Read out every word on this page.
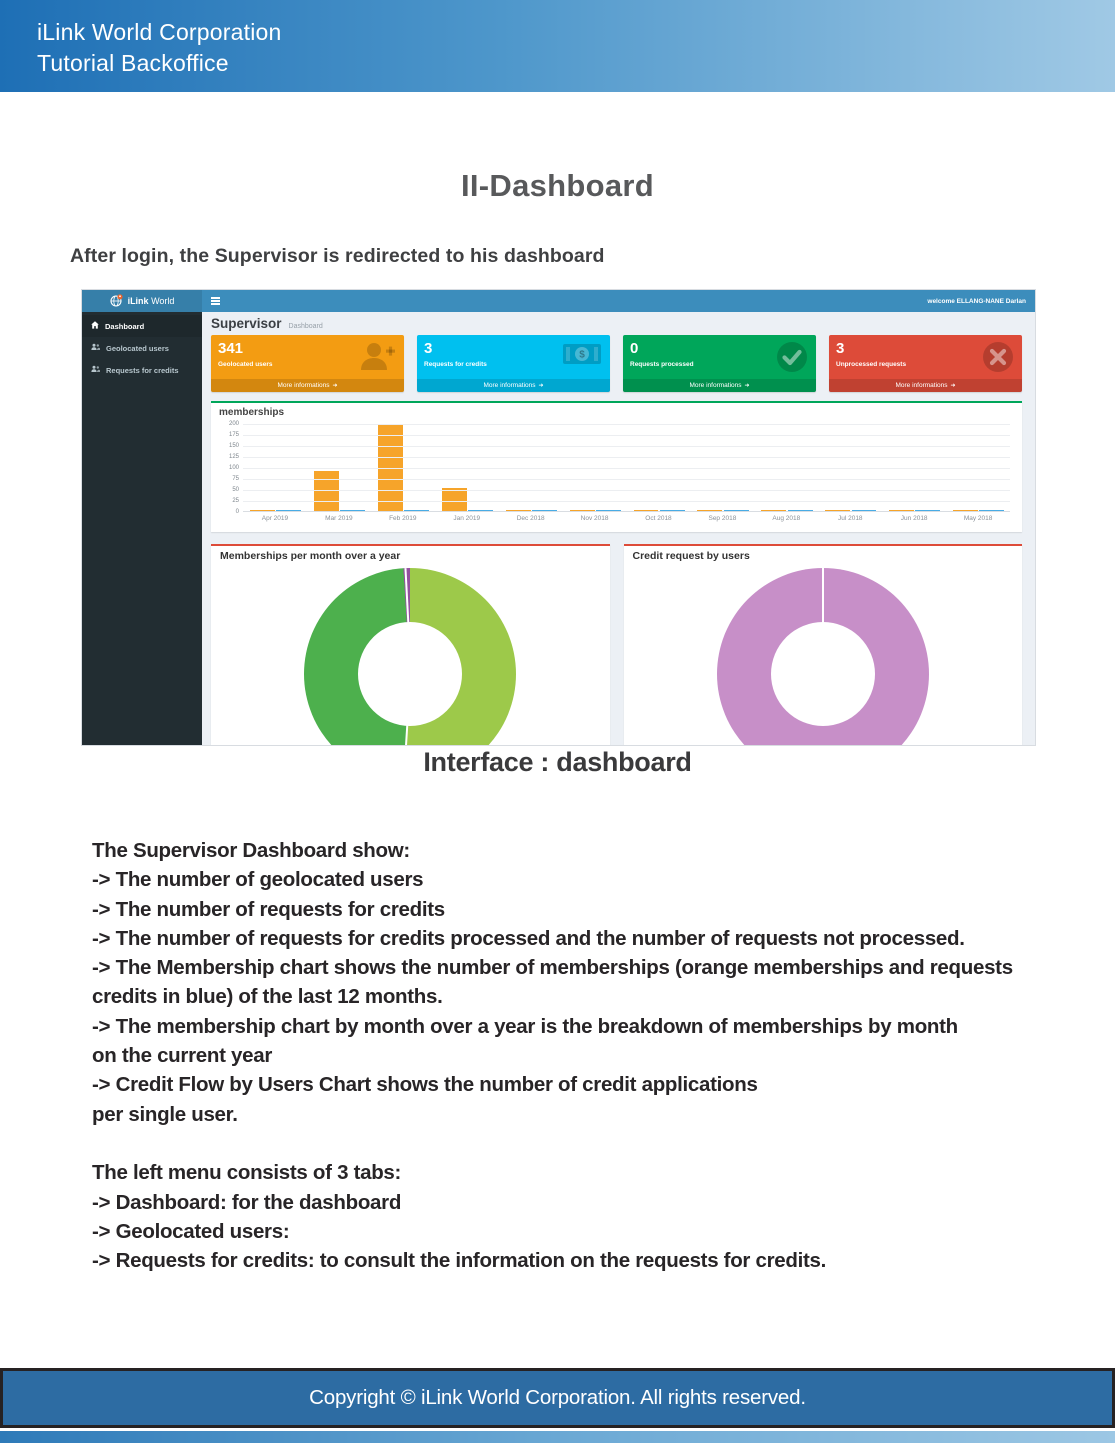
iLink World Corporation
Tutorial Backoffice
II-Dashboard
After login, the Supervisor is redirected to his dashboard
iLink World	welcome ELLANG-NANE Darlan
Dashboard
Geolocated users
Requests for credits
Supervisor Dashboard
341
Geolocated users
More informations ➜
3
Requests for credits
$
More informations ➜
0
Requests processed
More informations ➜
3
Unprocessed requests
More informations ➜
memberships
0
25
50
75
100
125
150
175
200
Apr 2019	Mar 2019	Feb 2019	Jan 2019	Dec 2018	Nov 2018	Oct 2018	Sep 2018	Aug 2018	Jul 2018	Jun 2018	May 2018
Memberships per month over a year	Credit request by users
Interface : dashboard
The Supervisor Dashboard show:
-> The number of geolocated users
-> The number of requests for credits
-> The number of requests for credits processed and the number of requests not processed.
-> The Membership chart shows the number of memberships (orange memberships and requests
credits in blue) of the last 12 months.
-> The membership chart by month over a year is the breakdown of memberships by month
on the current year
-> Credit Flow by Users Chart shows the number of credit applications
per single user.
The left menu consists of 3 tabs:
-> Dashboard: for the dashboard
-> Geolocated users:
-> Requests for credits: to consult the information on the requests for credits.
Copyright © iLink World Corporation. All rights reserved.
